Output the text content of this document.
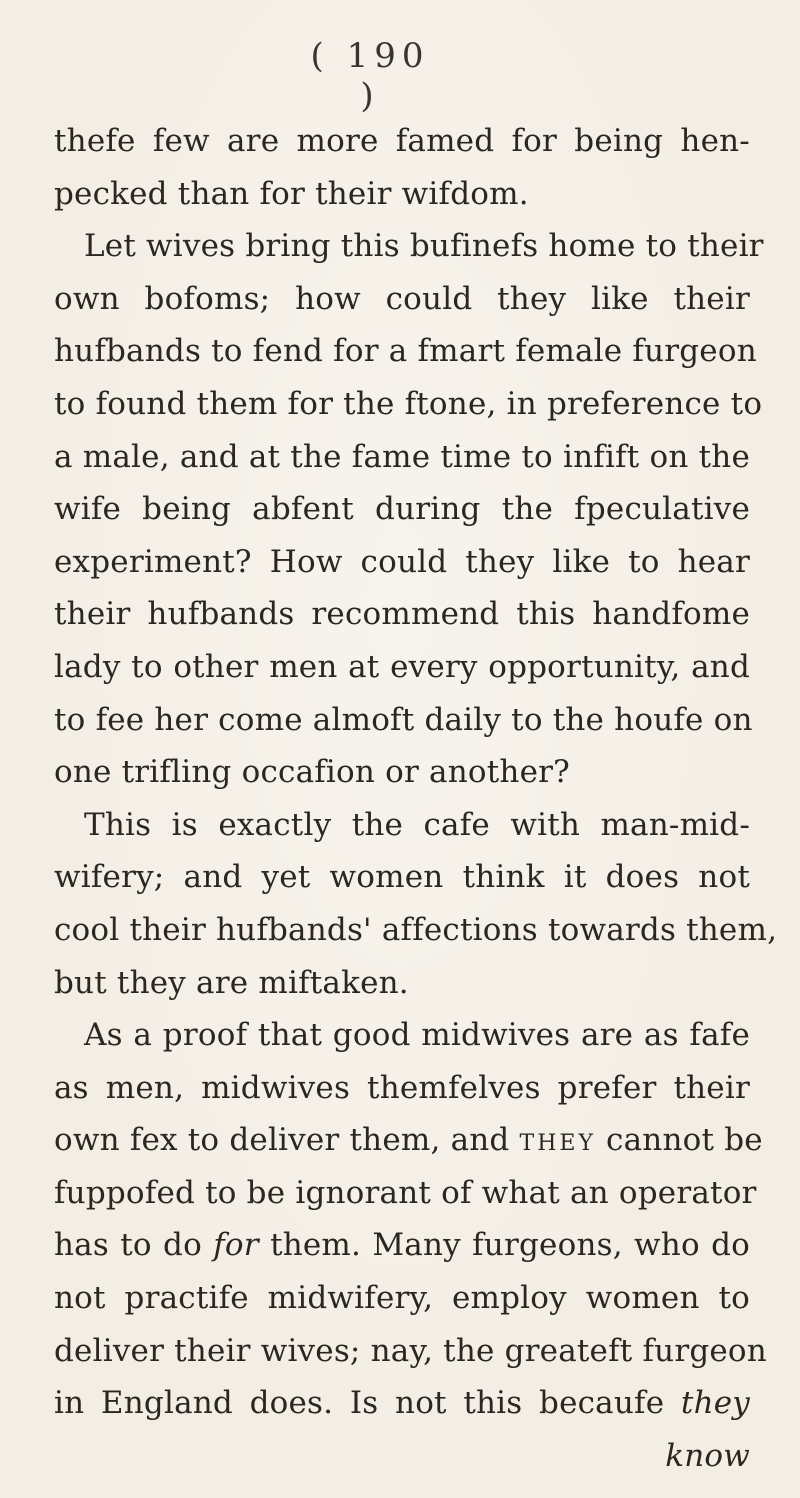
( 190 )
thefe few are more famed for being hen-
pecked than for their wifdom.
Let wives bring this bufinefs home to their
own bofoms; how could they like their
hufbands to fend for a fmart female furgeon
to found them for the ftone, in preference to
a male, and at the fame time to infift on the
wife being abfent during the fpeculative
experiment? How could they like to hear
their hufbands recommend this handfome
lady to other men at every opportunity, and
to fee her come almoft daily to the houfe on
one trifling occafion or another?
This is exactly the cafe with man-mid-
wifery; and yet women think it does not
cool their hufbands' affections towards them,
but they are miftaken.
As a proof that good midwives are as fafe
as men, midwives themfelves prefer their
own fex to deliver them, and they cannot be
fuppofed to be ignorant of what an operator
has to do for them. Many furgeons, who do
not practife midwifery, employ women to
deliver their wives; nay, the greateft furgeon
in England does. Is not this becaufe they
know
